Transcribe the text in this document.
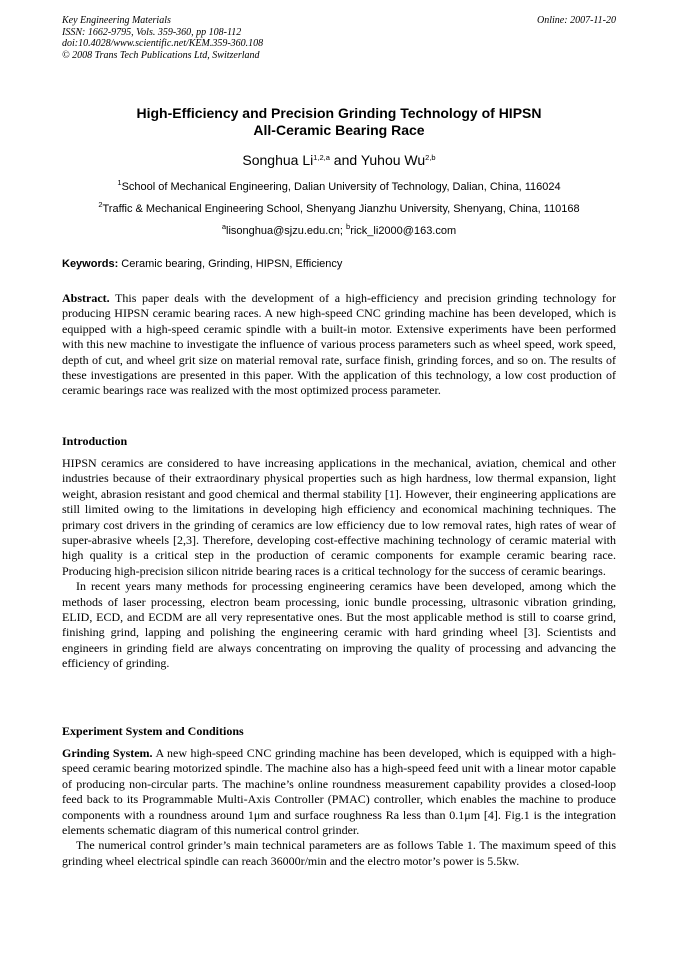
Key Engineering Materials
ISSN: 1662-9795, Vols. 359-360, pp 108-112
doi:10.4028/www.scientific.net/KEM.359-360.108
© 2008 Trans Tech Publications Ltd, Switzerland
Online: 2007-11-20
High-Efficiency and Precision Grinding Technology of HIPSN
All-Ceramic Bearing Race
Songhua Li$^{1,2,a}$ and Yuhou Wu$^{2,b}$
$^1$School of Mechanical Engineering, Dalian University of Technology, Dalian, China, 116024
$^2$Traffic & Mechanical Engineering School, Shenyang Jianzhu University, Shenyang, China, 110168
$^a$lisonghua@sjzu.edu.cn; $^b$rick_li2000@163.com
Keywords: Ceramic bearing, Grinding, HIPSN, Efficiency

Abstract. This paper deals with the development of a high-efficiency and precision grinding technology for producing HIPSN ceramic bearing races. A new high-speed CNC grinding machine has been developed, which is equipped with a high-speed ceramic spindle with a built-in motor. Extensive experiments have been performed with this new machine to investigate the influence of various process parameters such as wheel speed, work speed, depth of cut, and wheel grit size on material removal rate, surface finish, grinding forces, and so on. The results of these investigations are presented in this paper. With the application of this technology, a low cost production of ceramic bearings race was realized with the most optimized process parameter.

Introduction

HIPSN ceramics are considered to have increasing applications in the mechanical, aviation, chemical and other industries because of their extraordinary physical properties such as high hardness, low thermal expansion, light weight, abrasion resistant and good chemical and thermal stability [1]. However, their engineering applications are still limited owing to the limitations in developing high efficiency and economical machining techniques. The primary cost drivers in the grinding of ceramics are low efficiency due to low removal rates, high rates of wear of super-abrasive wheels [2,3]. Therefore, developing cost-effective machining technology of ceramic material with high quality is a critical step in the production of ceramic components for example ceramic bearing race. Producing high-precision silicon nitride bearing races is a critical technology for the success of ceramic bearings.

In recent years many methods for processing engineering ceramics have been developed, among which the methods of laser processing, electron beam processing, ionic bundle processing, ultrasonic vibration grinding, ELID, ECD, and ECDM are all very representative ones. But the most applicable method is still to coarse grind, finishing grind, lapping and polishing the engineering ceramic with hard grinding wheel [3]. Scientists and engineers in grinding field are always concentrating on improving the quality of processing and advancing the efficiency of grinding.

Experiment System and Conditions

Grinding System. A new high-speed CNC grinding machine has been developed, which is equipped with a high-speed ceramic bearing motorized spindle. The machine also has a high-speed feed unit with a linear motor capable of producing non-circular parts. The machine’s online roundness measurement capability provides a closed-loop feed back to its Programmable Multi-Axis Controller (PMAC) controller, which enables the machine to produce components with a roundness around 1μm and surface roughness Ra less than 0.1μm [4]. Fig.1 is the integration elements schematic diagram of this numerical control grinder.

The numerical control grinder’s main technical parameters are as follows Table 1. The maximum speed of this grinding wheel electrical spindle can reach 36000r/min and the electro motor’s power is 5.5kw.
